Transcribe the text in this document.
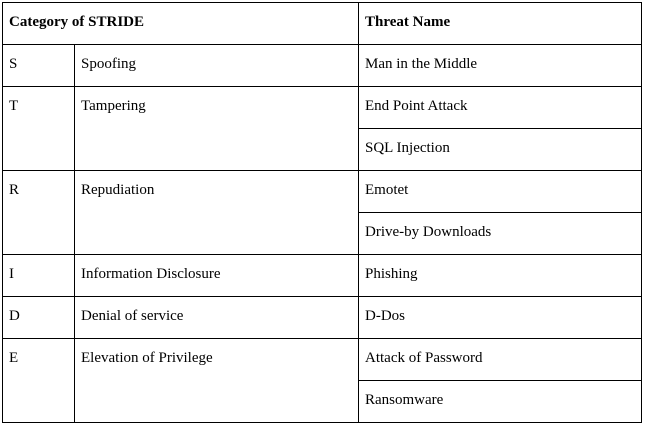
Category of STRIDE		Threat Name
S	Spoofing	Man in the Middle
T	Tampering	End Point Attack
		SQL Injection
R	Repudiation	Emotet
		Drive-by Downloads
I	Information Disclosure	Phishing
D	Denial of service	D-Dos
E	Elevation of Privilege	Attack of Password
		Ransomware
